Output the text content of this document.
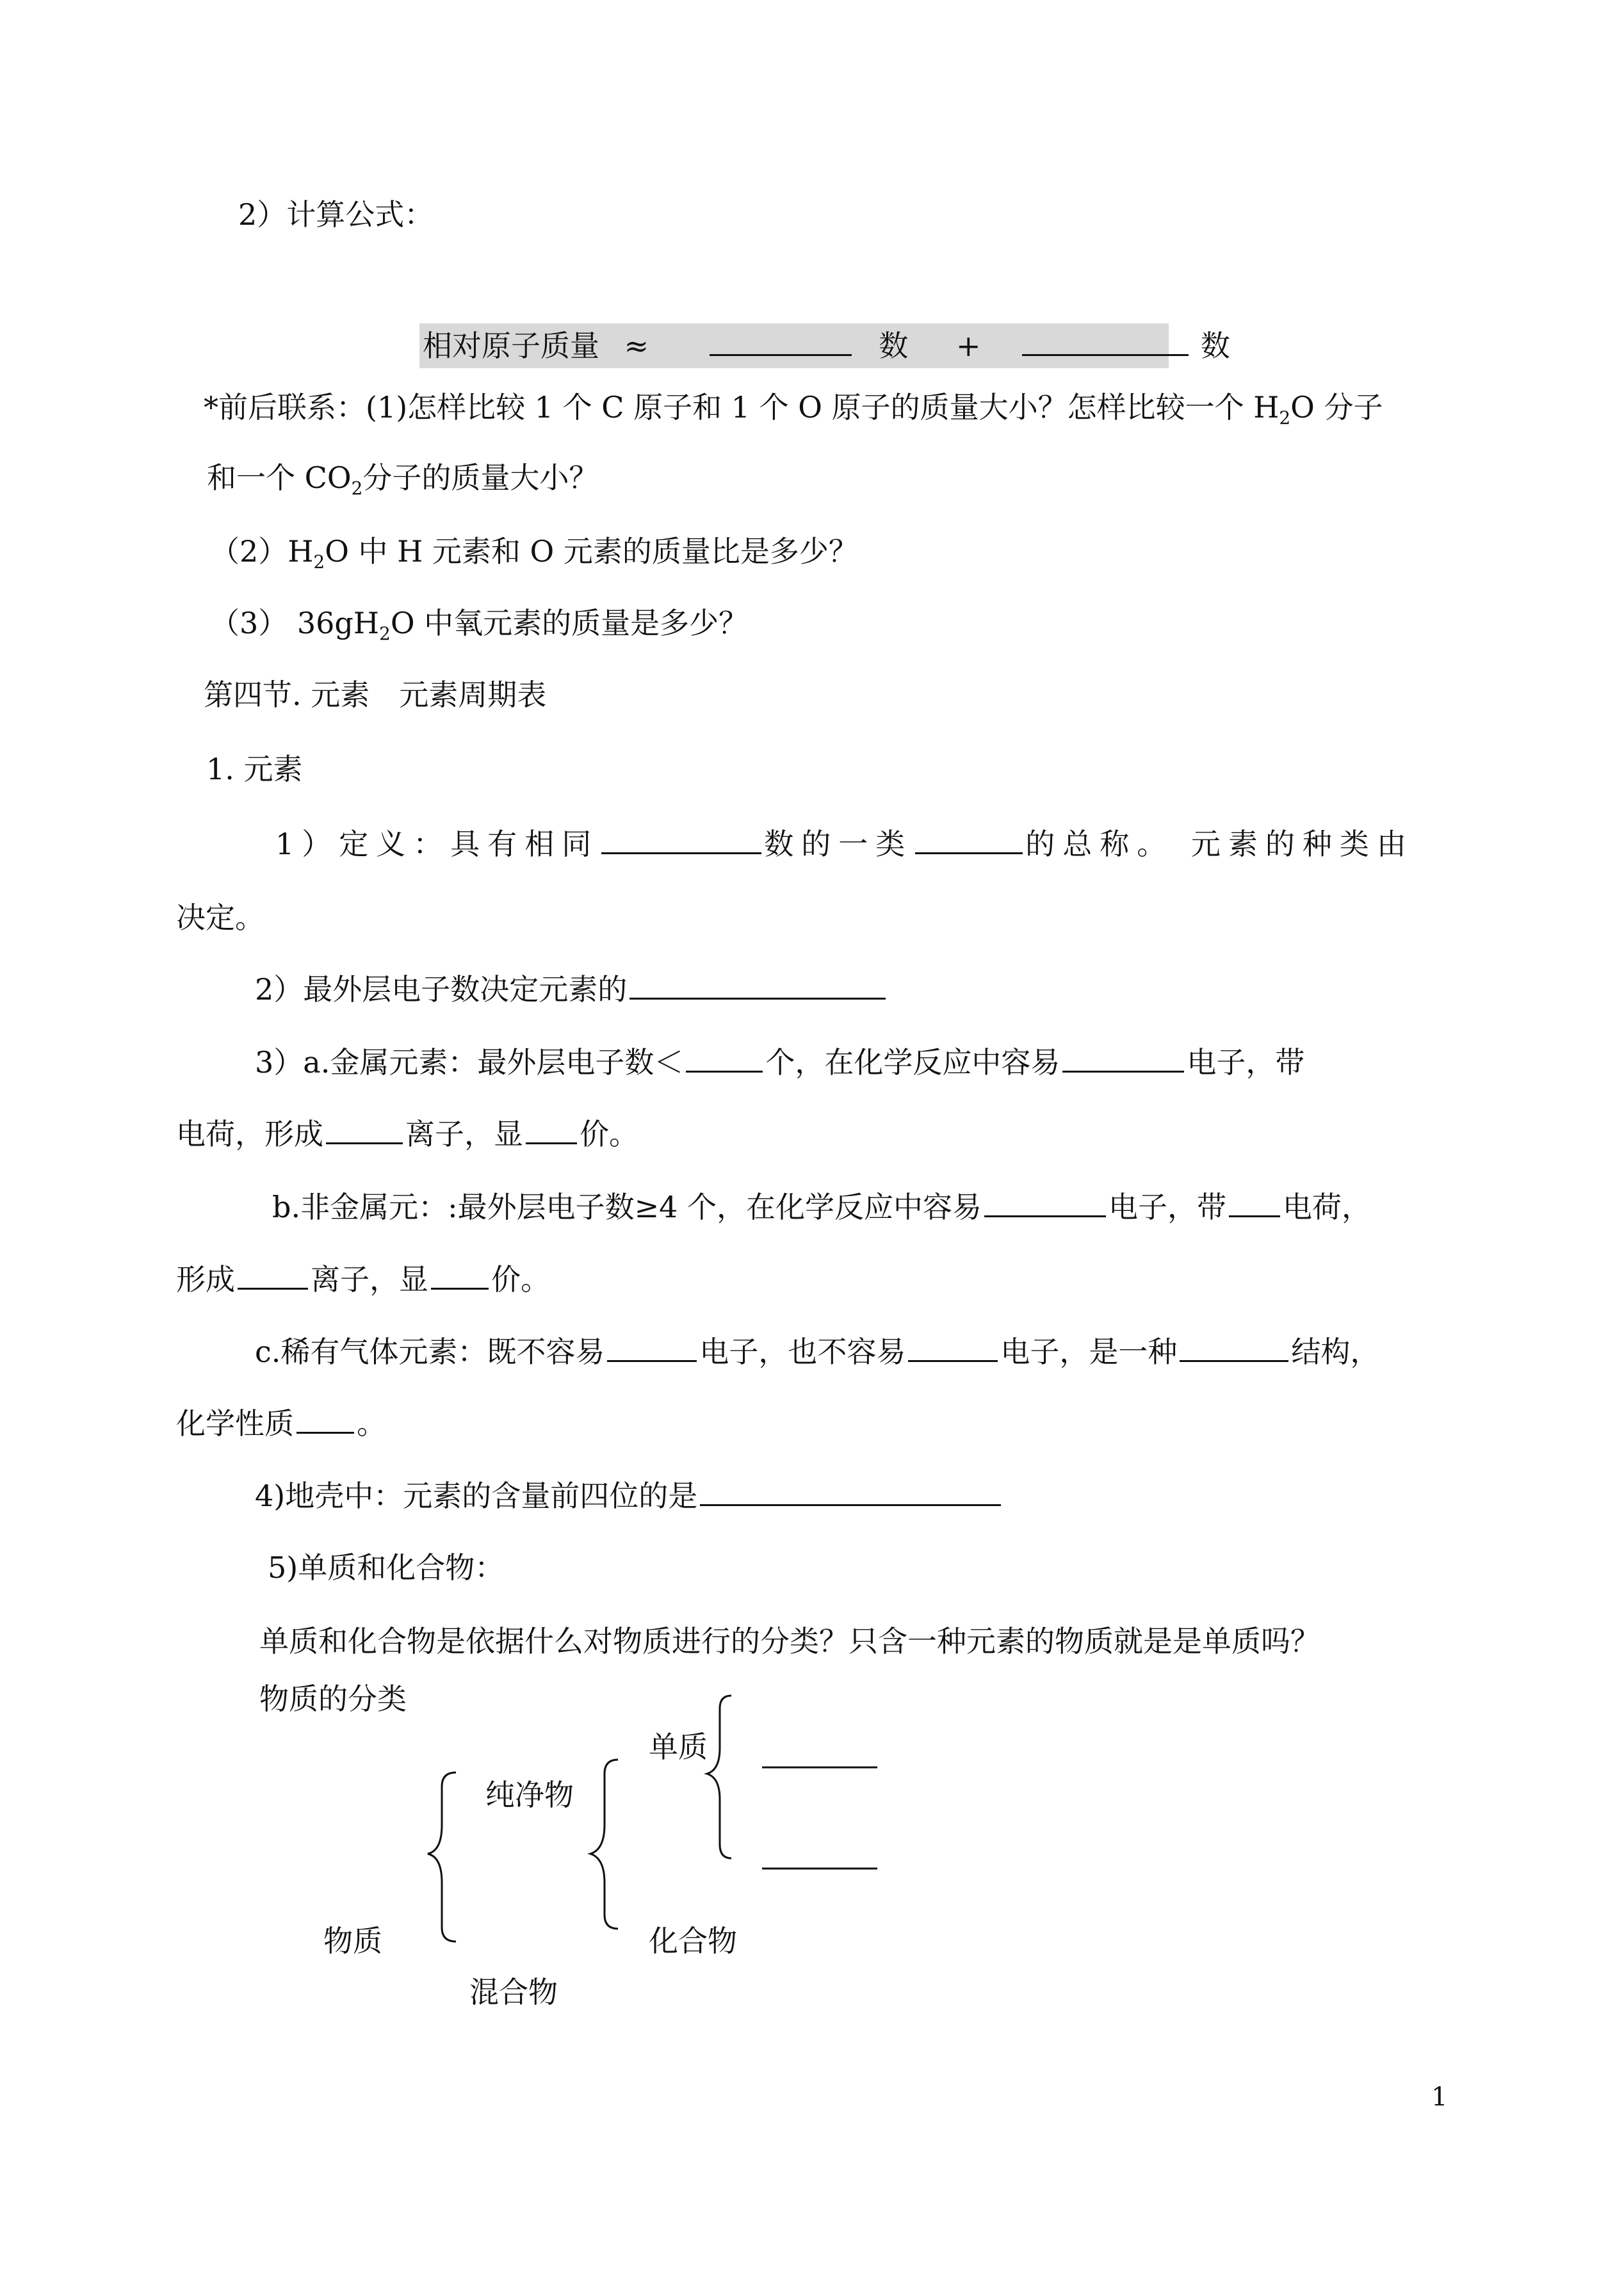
2）计算公式：
相对原子质量 ≈	数 +	数
*前后联系：(1)怎样比较 1 个 C 原子和 1 个 O 原子的质量大小？怎样比较一个 $H_2O$ 分子
和一个 $CO_2$分子的质量大小？
$(2)H_2O$ 中 H 元素和 O 元素的质量比是多少？
（3） $36gH_2O$ 中氧元素的质量是多少？
第四节. 元素　元素周期表
1. 元素
1）定义：具有相同	数的一类	的总称。 元素的种类由
决定。
2）最外层电子数决定元素的
3）a.金属元素：最外层电子数＜	个，在化学反应中容易	电子，带
电荷，形成	离子，显 价。
b.非金属元：:最外层电子数≥4 个，在化学反应中容易	电子，带 电荷，
形成	离子，显 价。
c.稀有气体元素：既不容易	电子，也不容易	电子，是一种	结构，
化学性质 。
4)地壳中：元素的含量前四位的是
5)单质和化合物：
单质和化合物是依据什么对物质进行的分类？只含一种元素的物质就是是单质吗？
物质的分类
单质
纯净物
物质	化合物
混合物
1
